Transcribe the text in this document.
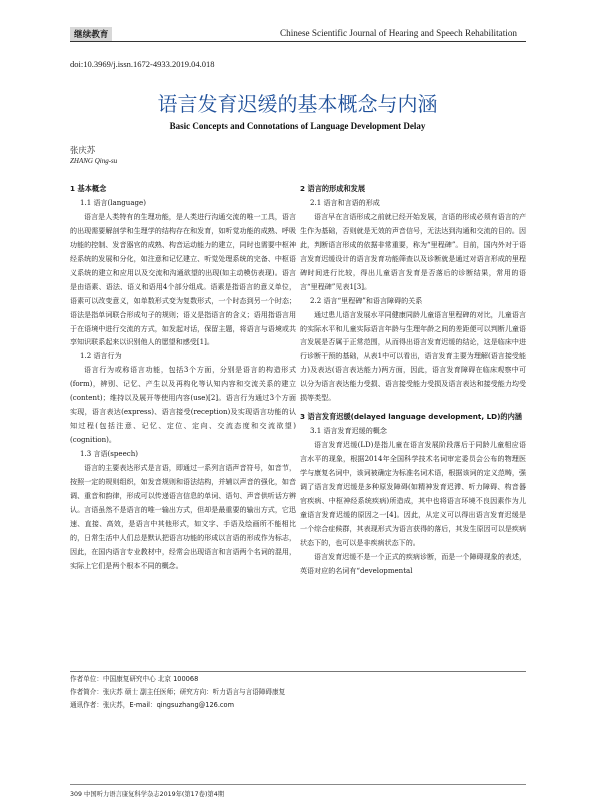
继续教育	Chinese Scientific Journal of Hearing and Speech Rehabilitation
doi:10.3969/j.issn.1672-4933.2019.04.018
语言发育迟缓的基本概念与内涵
Basic Concepts and Connotations of Language Development Delay
张庆苏
ZHANG Qing-su
1 基本概念
1.1 语言(language)
语言是人类特有的生理功能，是人类进行沟通交流的唯一工具，语言的出现需要解剖学和生理学的结构存在和发育，如听觉功能的成熟、呼吸功能的控制、发音器官的成熟、构音运动能力的建立，同时也需要中枢神经系统的发展和分化，如注意和记忆建立、听觉处理系统的完备、中枢语义系统的建立和应用以及交流和沟通欲望的出现(如主动模仿表现)。语言是由语素、语法、语义和语用4个部分组成。语素是指语言的意义单位，语素可以改变意义，如单数形式变为复数形式，一个时态到另一个时态；语法是指单词联合形成句子的规则；语义是指语言的含义；语用指语言用于在语境中进行交流的方式，如发起对话，保留主题，将语言与语境或共享知识联系起来以识别他人的愿望和感受[1]。
1.2 语言行为
语言行为或称语言功能，包括3个方面，分别是语言的构造形式(form)，辨别、记忆、产生以及再构化等认知内容和交流关系的建立(content)；维持以及展开等使用内容(use)[2]。语言行为通过3个方面实现，语言表达(express)、语言接受(reception)及实现语言功能的认知过程(包括注意、记忆、定位、定向、交流态度和交流欲望)(cognition)。
1.3 言语(speech)
语言的主要表达形式是言语，即通过一系列言语声音符号，如音节，按照一定的规则组织，如发音规则和语法结构，并辅以声音的强化，如音调、重音和韵律，形成可以传递语言信息的单词、语句、声音供听话方辨认。言语虽然不是语言的唯一输出方式，但却是最重要的输出方式，它迅速、直接、高效，是语言中其他形式，如文字、手语及绘画所不能相比的，日常生活中人们总是默认把语言功能的形成以言语的形成作为标志，因此，在国内语言专业教材中，经常会出现语言和言语两个名词的混用，实际上它们是两个根本不同的概念。
2 语言的形成和发展
2.1 语言和言语的形成
语言早在言语形成之前就已经开始发展，言语的形成必须有语言的产生作为基础，否则就是无效的声音信号，无法达到沟通和交流的目的。因此，判断语言形成的依据非常重要，称为“里程碑”。目前，国内外对于语言发育迟缓设计的语言发育功能筛查以及诊断就是通过对语言形成的里程碑时间进行比较，得出儿童语言发育是否落后的诊断结果，常用的语言“里程碑”见表1[3]。
2.2 语言“里程碑”和语言障碍的关系
通过患儿语言发展水平同健康同龄儿童语言里程碑的对比，儿童语言的实际水平和儿童实际语言年龄与生理年龄之间的差距便可以判断儿童语言发展是否属于正常范围，从而得出语言发育迟缓的结论，这是临床中进行诊断干预的基础，从表1中可以看出，语言发育主要为理解(语言接受能力)及表达(语言表达能力)两方面，因此，语言发育障碍在临床观察中可以分为语言表达能力受损、语言接受能力受损及语言表达和接受能力均受损等类型。
3 语言发育迟缓(delayed language development, LD)的内涵
3.1 语言发育迟缓的概念
语言发育迟缓(LD)是指儿童在语言发展阶段落后于同龄儿童相应语言水平的现象，根据2014年全国科学技术名词审定委员会公布的物理医学与康复名词中，该词被确定为标准名词术语，根据该词的定义范畴，强调了语言发育迟缓是多种原发障碍(如精神发育迟滞、听力障碍、构音器官疾病、中枢神经系统疾病)所造成，其中也将语言环境不良因素作为儿童语言发育迟缓的原因之一[4]。因此，从定义可以得出语言发育迟缓是一个综合症候群，其表现形式为语言获得的落后，其发生原因可以是疾病状态下的，也可以是非疾病状态下的。
语言发育迟缓不是一个正式的疾病诊断，而是一个障碍现象的表述，英语对应的名词有“developmental
作者单位：中国康复研究中心 北京 100068
作者简介：张庆苏 硕士 副主任医师；研究方向：听力语言与言语障碍康复
通讯作者：张庆苏，E-mail：qingsuzhang@126.com
309 中国听力语言康复科学杂志2019年(第17卷)第4期
